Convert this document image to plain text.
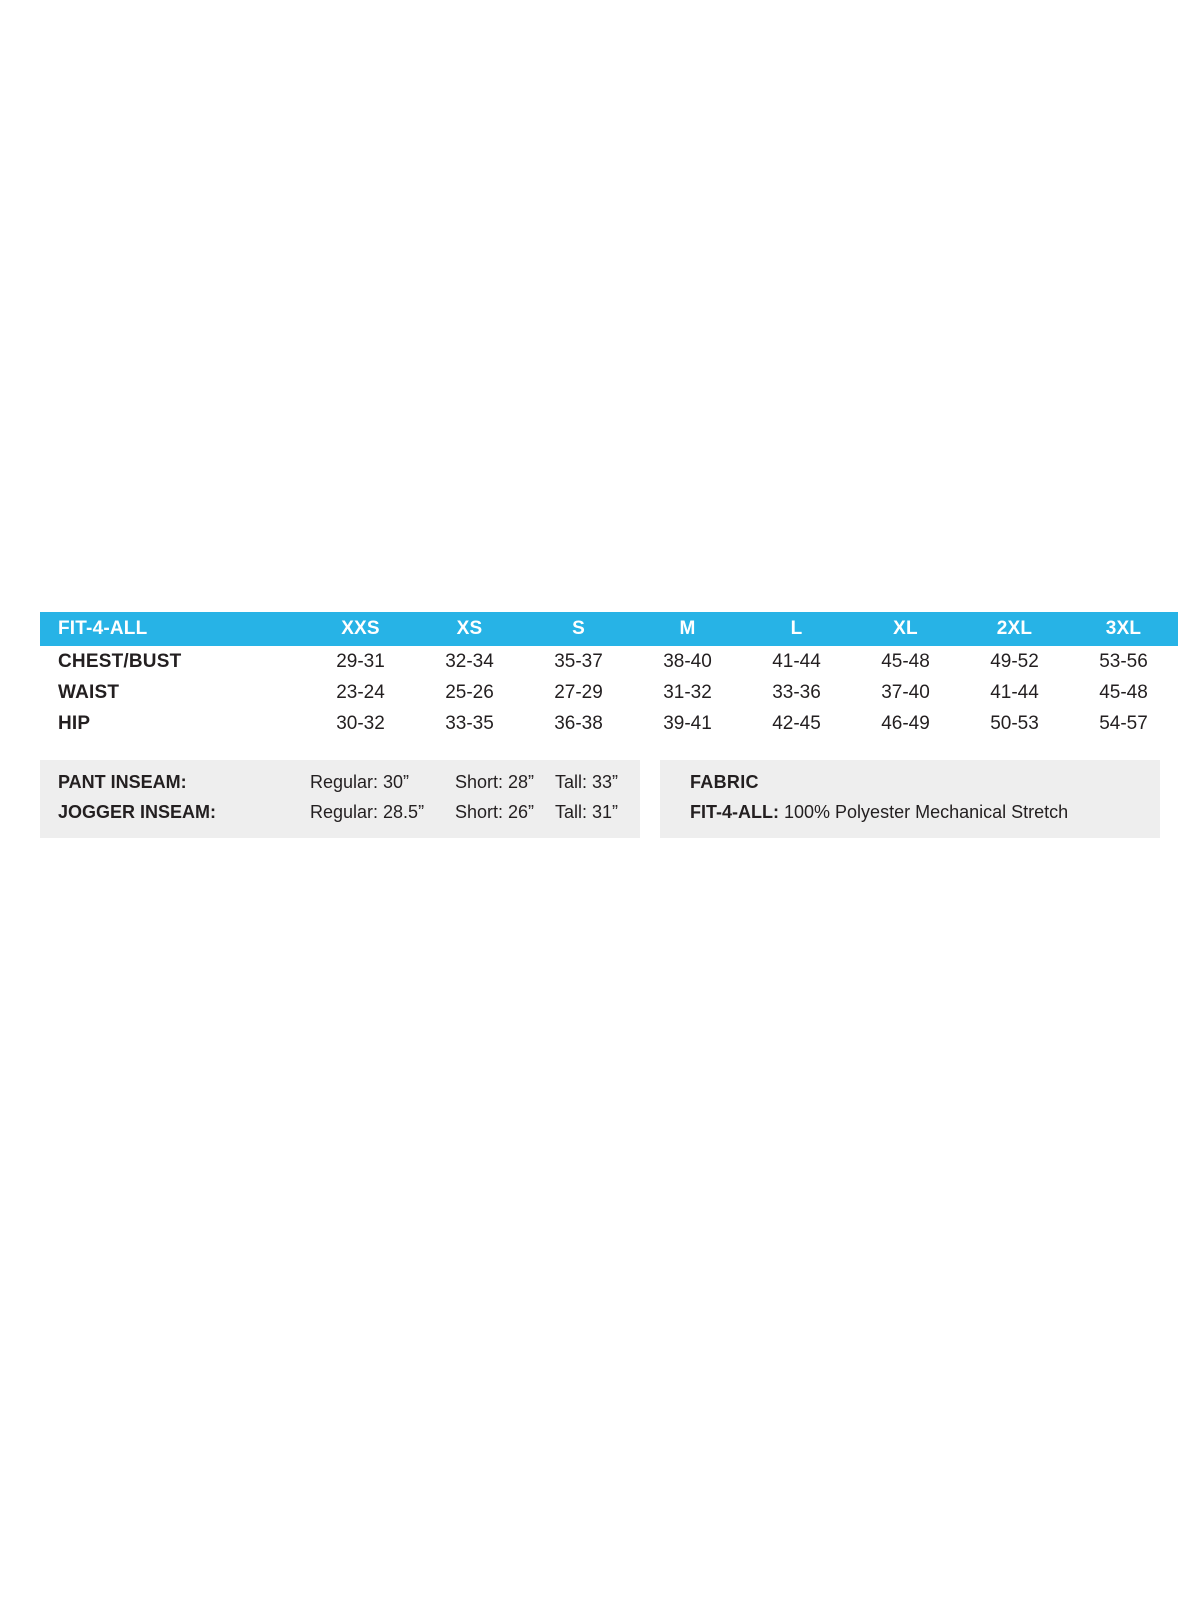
FIT-4-ALL	XXS	XS	S	M	L	XL	2XL	3XL
CHEST/BUST	29-31	32-34	35-37	38-40	41-44	45-48	49-52	53-56
WAIST	23-24	25-26	27-29	31-32	33-36	37-40	41-44	45-48
HIP	30-32	33-35	36-38	39-41	42-45	46-49	50-53	54-57
PANT INSEAM:	Regular: 30”	Short: 28” Tall: 33”
JOGGER INSEAM:	Regular: 28.5” Short: 26” Tall: 31”
FABRIC
FIT-4-ALL: 100% Polyester Mechanical Stretch
